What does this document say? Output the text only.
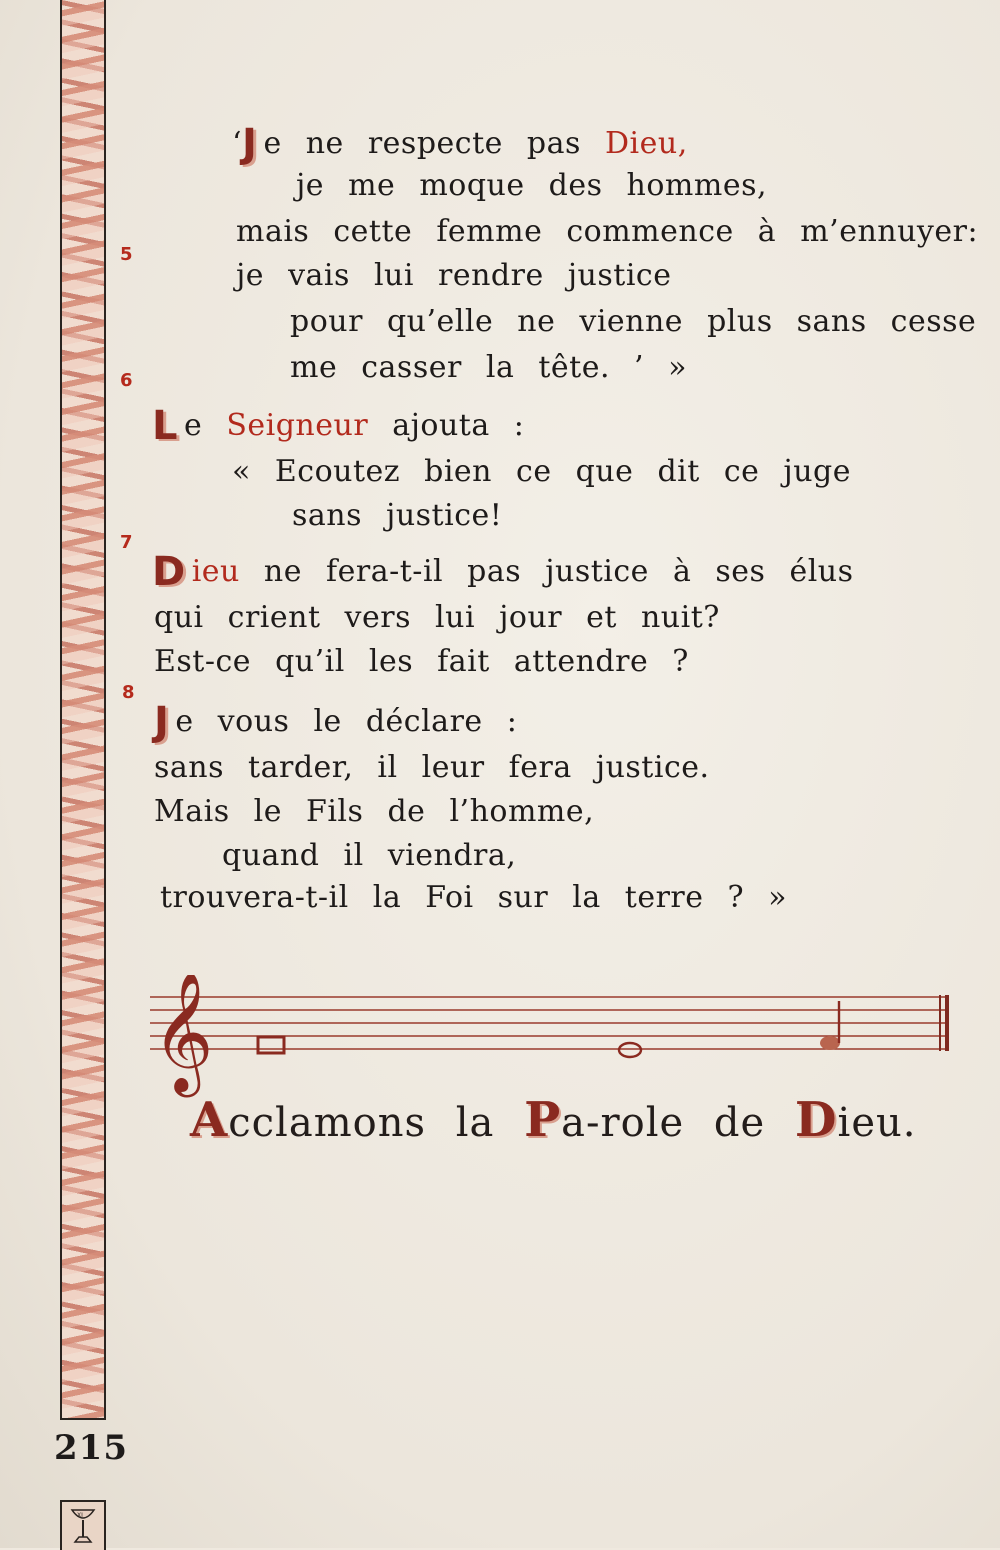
XI
215
5
6
7
8
‘J e ne respecte pas Dieu,
je me moque des hommes,
mais cette femme commence à m’ennuyer:
je vais lui rendre justice
pour qu’elle ne vienne plus sans cesse
me casser la tête. ’ »
L e Seigneur ajouta :
« Ecoutez bien ce que dit ce juge
sans justice!
D ieu ne fera-t-il pas justice à ses élus
qui crient vers lui jour et nuit?
Est-ce qu’il les fait attendre ?
J e vous le déclare :
sans tarder, il leur fera justice.
Mais le Fils de l’homme,
quand il viendra,
trouvera-t-il la Foi sur la terre ? »
𝄞
Acclamons la Pa-role de Dieu.
